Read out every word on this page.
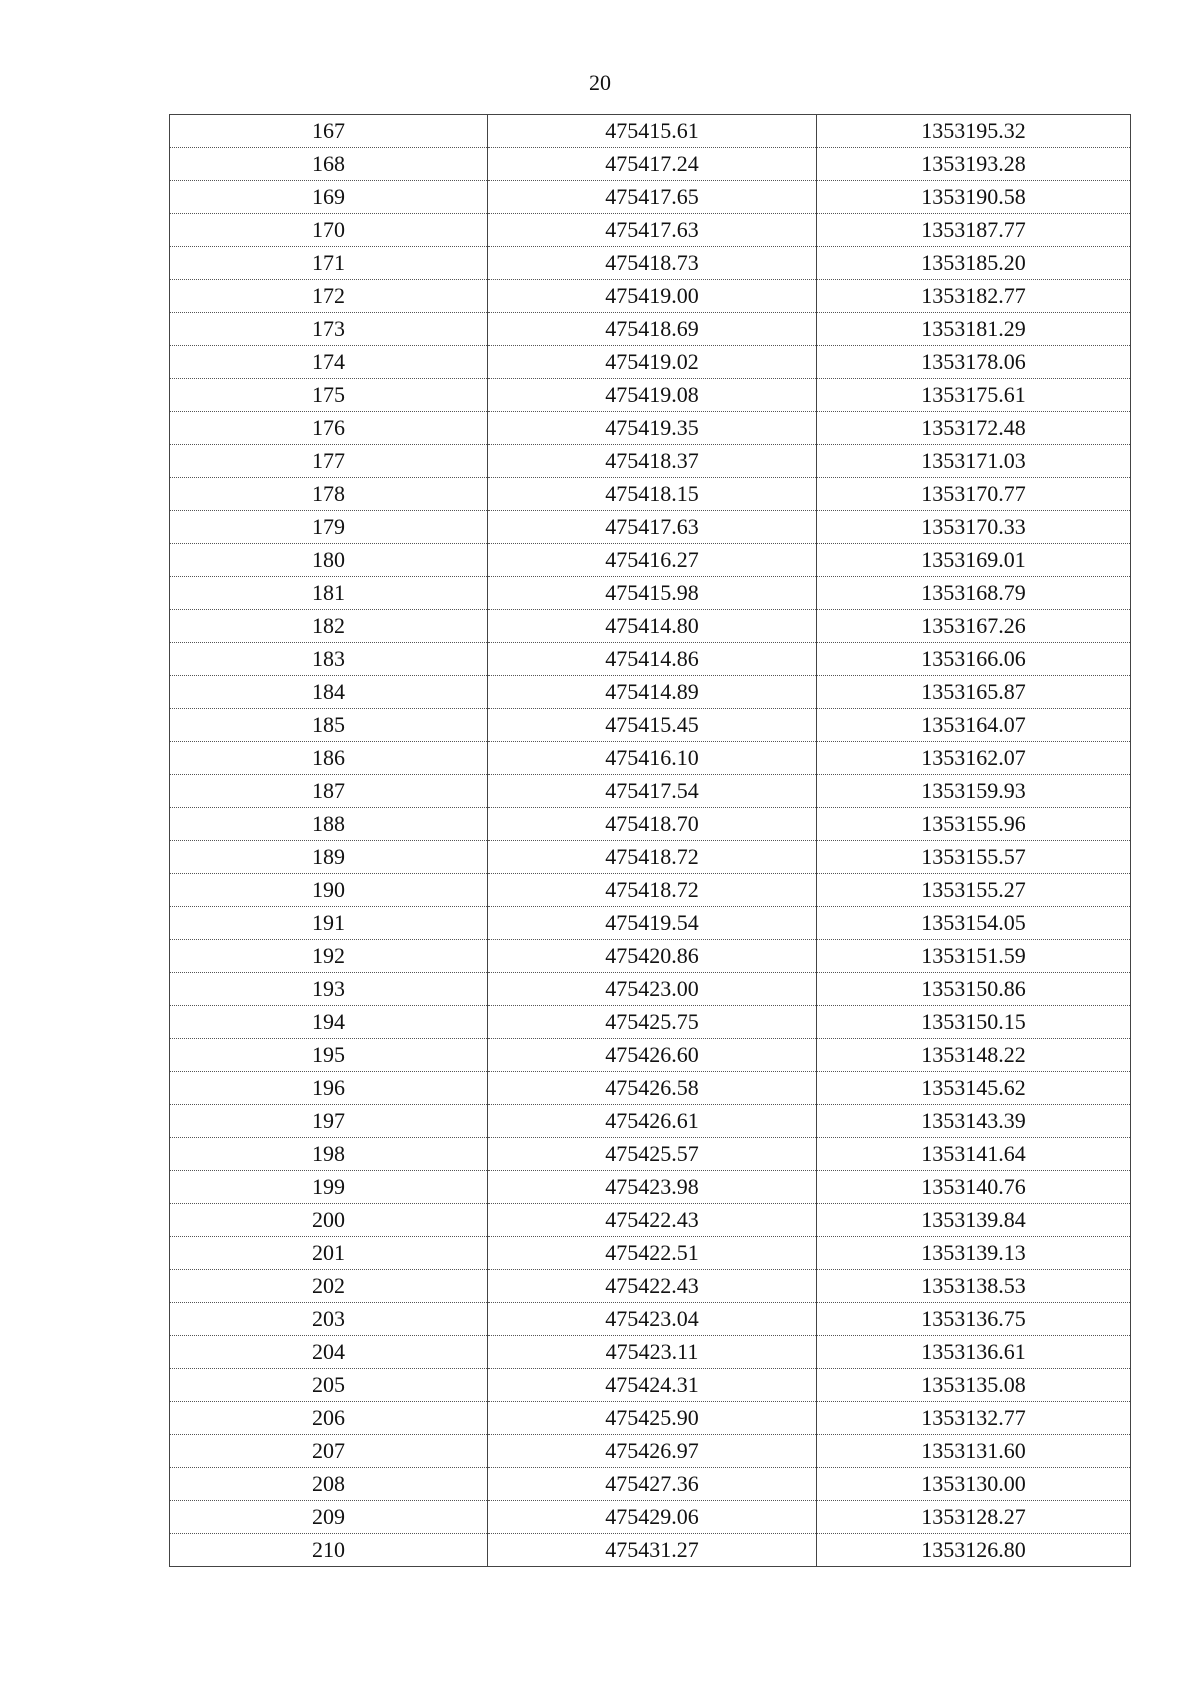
20
167	475415.61	1353195.32
168	475417.24	1353193.28
169	475417.65	1353190.58
170	475417.63	1353187.77
171	475418.73	1353185.20
172	475419.00	1353182.77
173	475418.69	1353181.29
174	475419.02	1353178.06
175	475419.08	1353175.61
176	475419.35	1353172.48
177	475418.37	1353171.03
178	475418.15	1353170.77
179	475417.63	1353170.33
180	475416.27	1353169.01
181	475415.98	1353168.79
182	475414.80	1353167.26
183	475414.86	1353166.06
184	475414.89	1353165.87
185	475415.45	1353164.07
186	475416.10	1353162.07
187	475417.54	1353159.93
188	475418.70	1353155.96
189	475418.72	1353155.57
190	475418.72	1353155.27
191	475419.54	1353154.05
192	475420.86	1353151.59
193	475423.00	1353150.86
194	475425.75	1353150.15
195	475426.60	1353148.22
196	475426.58	1353145.62
197	475426.61	1353143.39
198	475425.57	1353141.64
199	475423.98	1353140.76
200	475422.43	1353139.84
201	475422.51	1353139.13
202	475422.43	1353138.53
203	475423.04	1353136.75
204	475423.11	1353136.61
205	475424.31	1353135.08
206	475425.90	1353132.77
207	475426.97	1353131.60
208	475427.36	1353130.00
209	475429.06	1353128.27
210	475431.27	1353126.80
